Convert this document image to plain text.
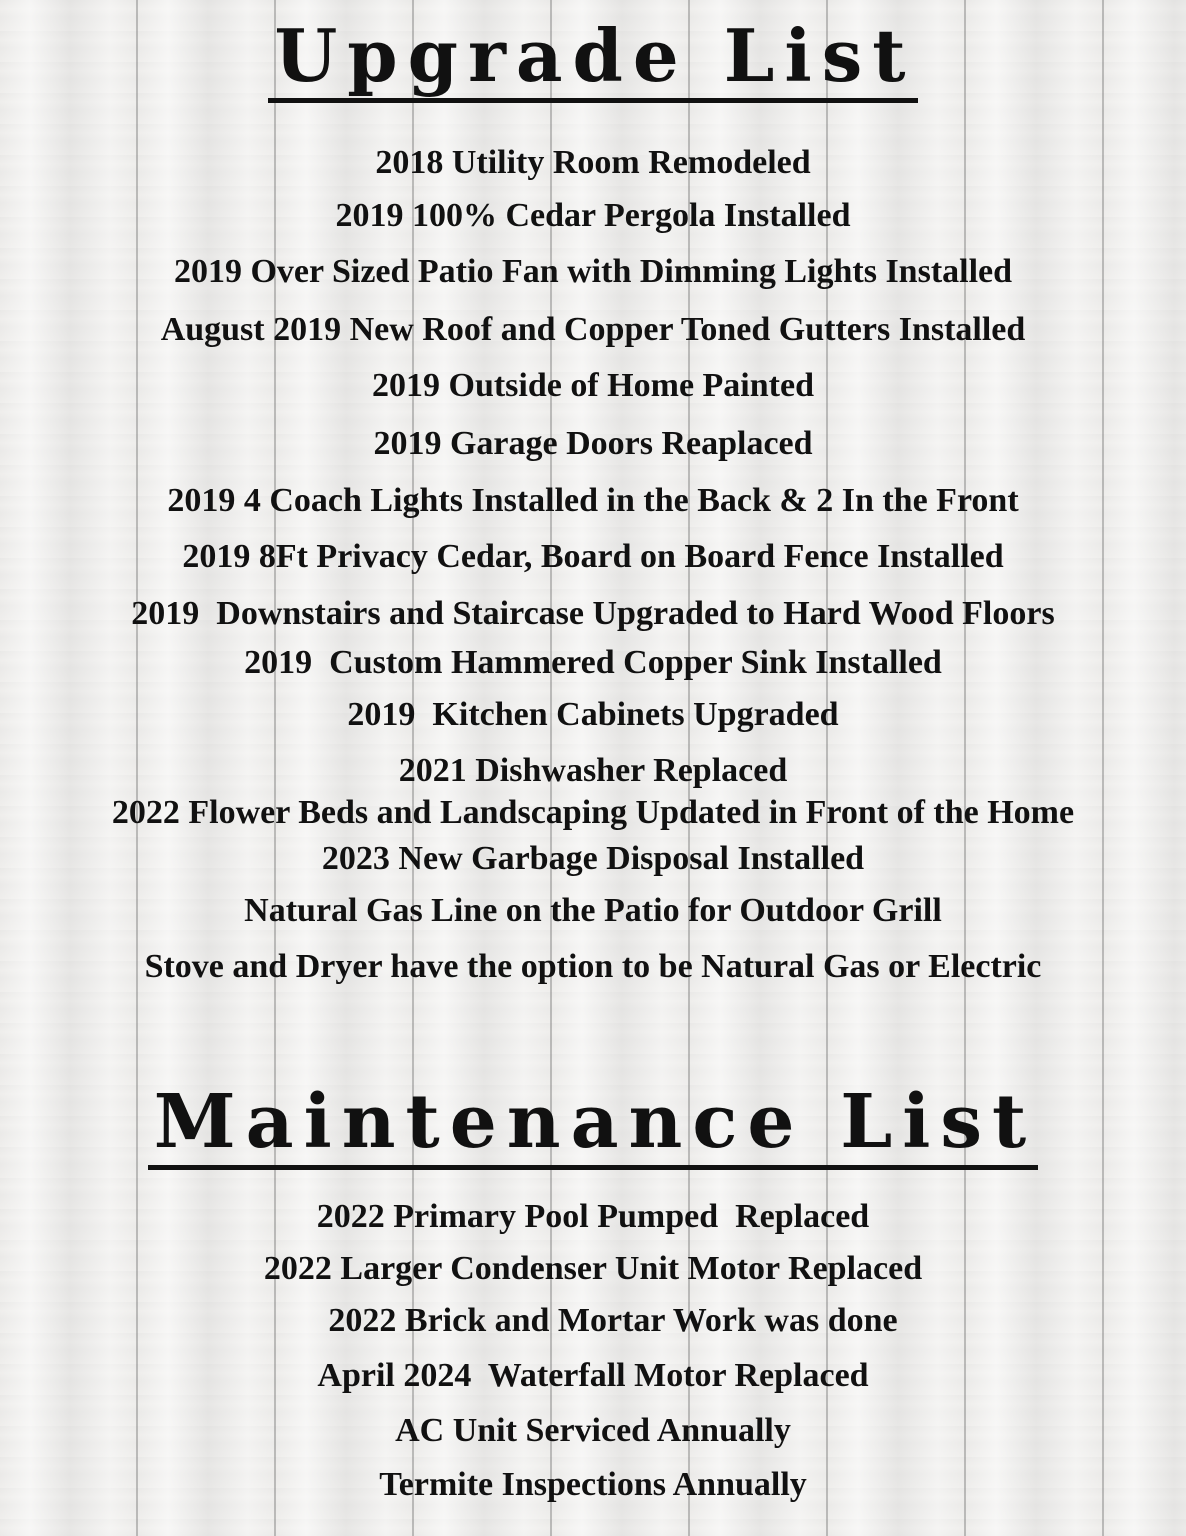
Upgrade List
2018 Utility Room Remodeled
2019 100% Cedar Pergola Installed
2019 Over Sized Patio Fan with Dimming Lights Installed
August 2019 New Roof and Copper Toned Gutters Installed
2019 Outside of Home Painted
2019 Garage Doors Reaplaced
2019 4 Coach Lights Installed in the Back & 2 In the Front
2019 8Ft Privacy Cedar, Board on Board Fence Installed
2019  Downstairs and Staircase Upgraded to Hard Wood Floors
2019  Custom Hammered Copper Sink Installed
2019  Kitchen Cabinets Upgraded
2021 Dishwasher Replaced
2022 Flower Beds and Landscaping Updated in Front of the Home
2023 New Garbage Disposal Installed
Natural Gas Line on the Patio for Outdoor Grill
Stove and Dryer have the option to be Natural Gas or Electric
Maintenance List
2022 Primary Pool Pumped  Replaced
2022 Larger Condenser Unit Motor Replaced
2022 Brick and Mortar Work was done
April 2024  Waterfall Motor Replaced
AC Unit Serviced Annually
Termite Inspections Annually
